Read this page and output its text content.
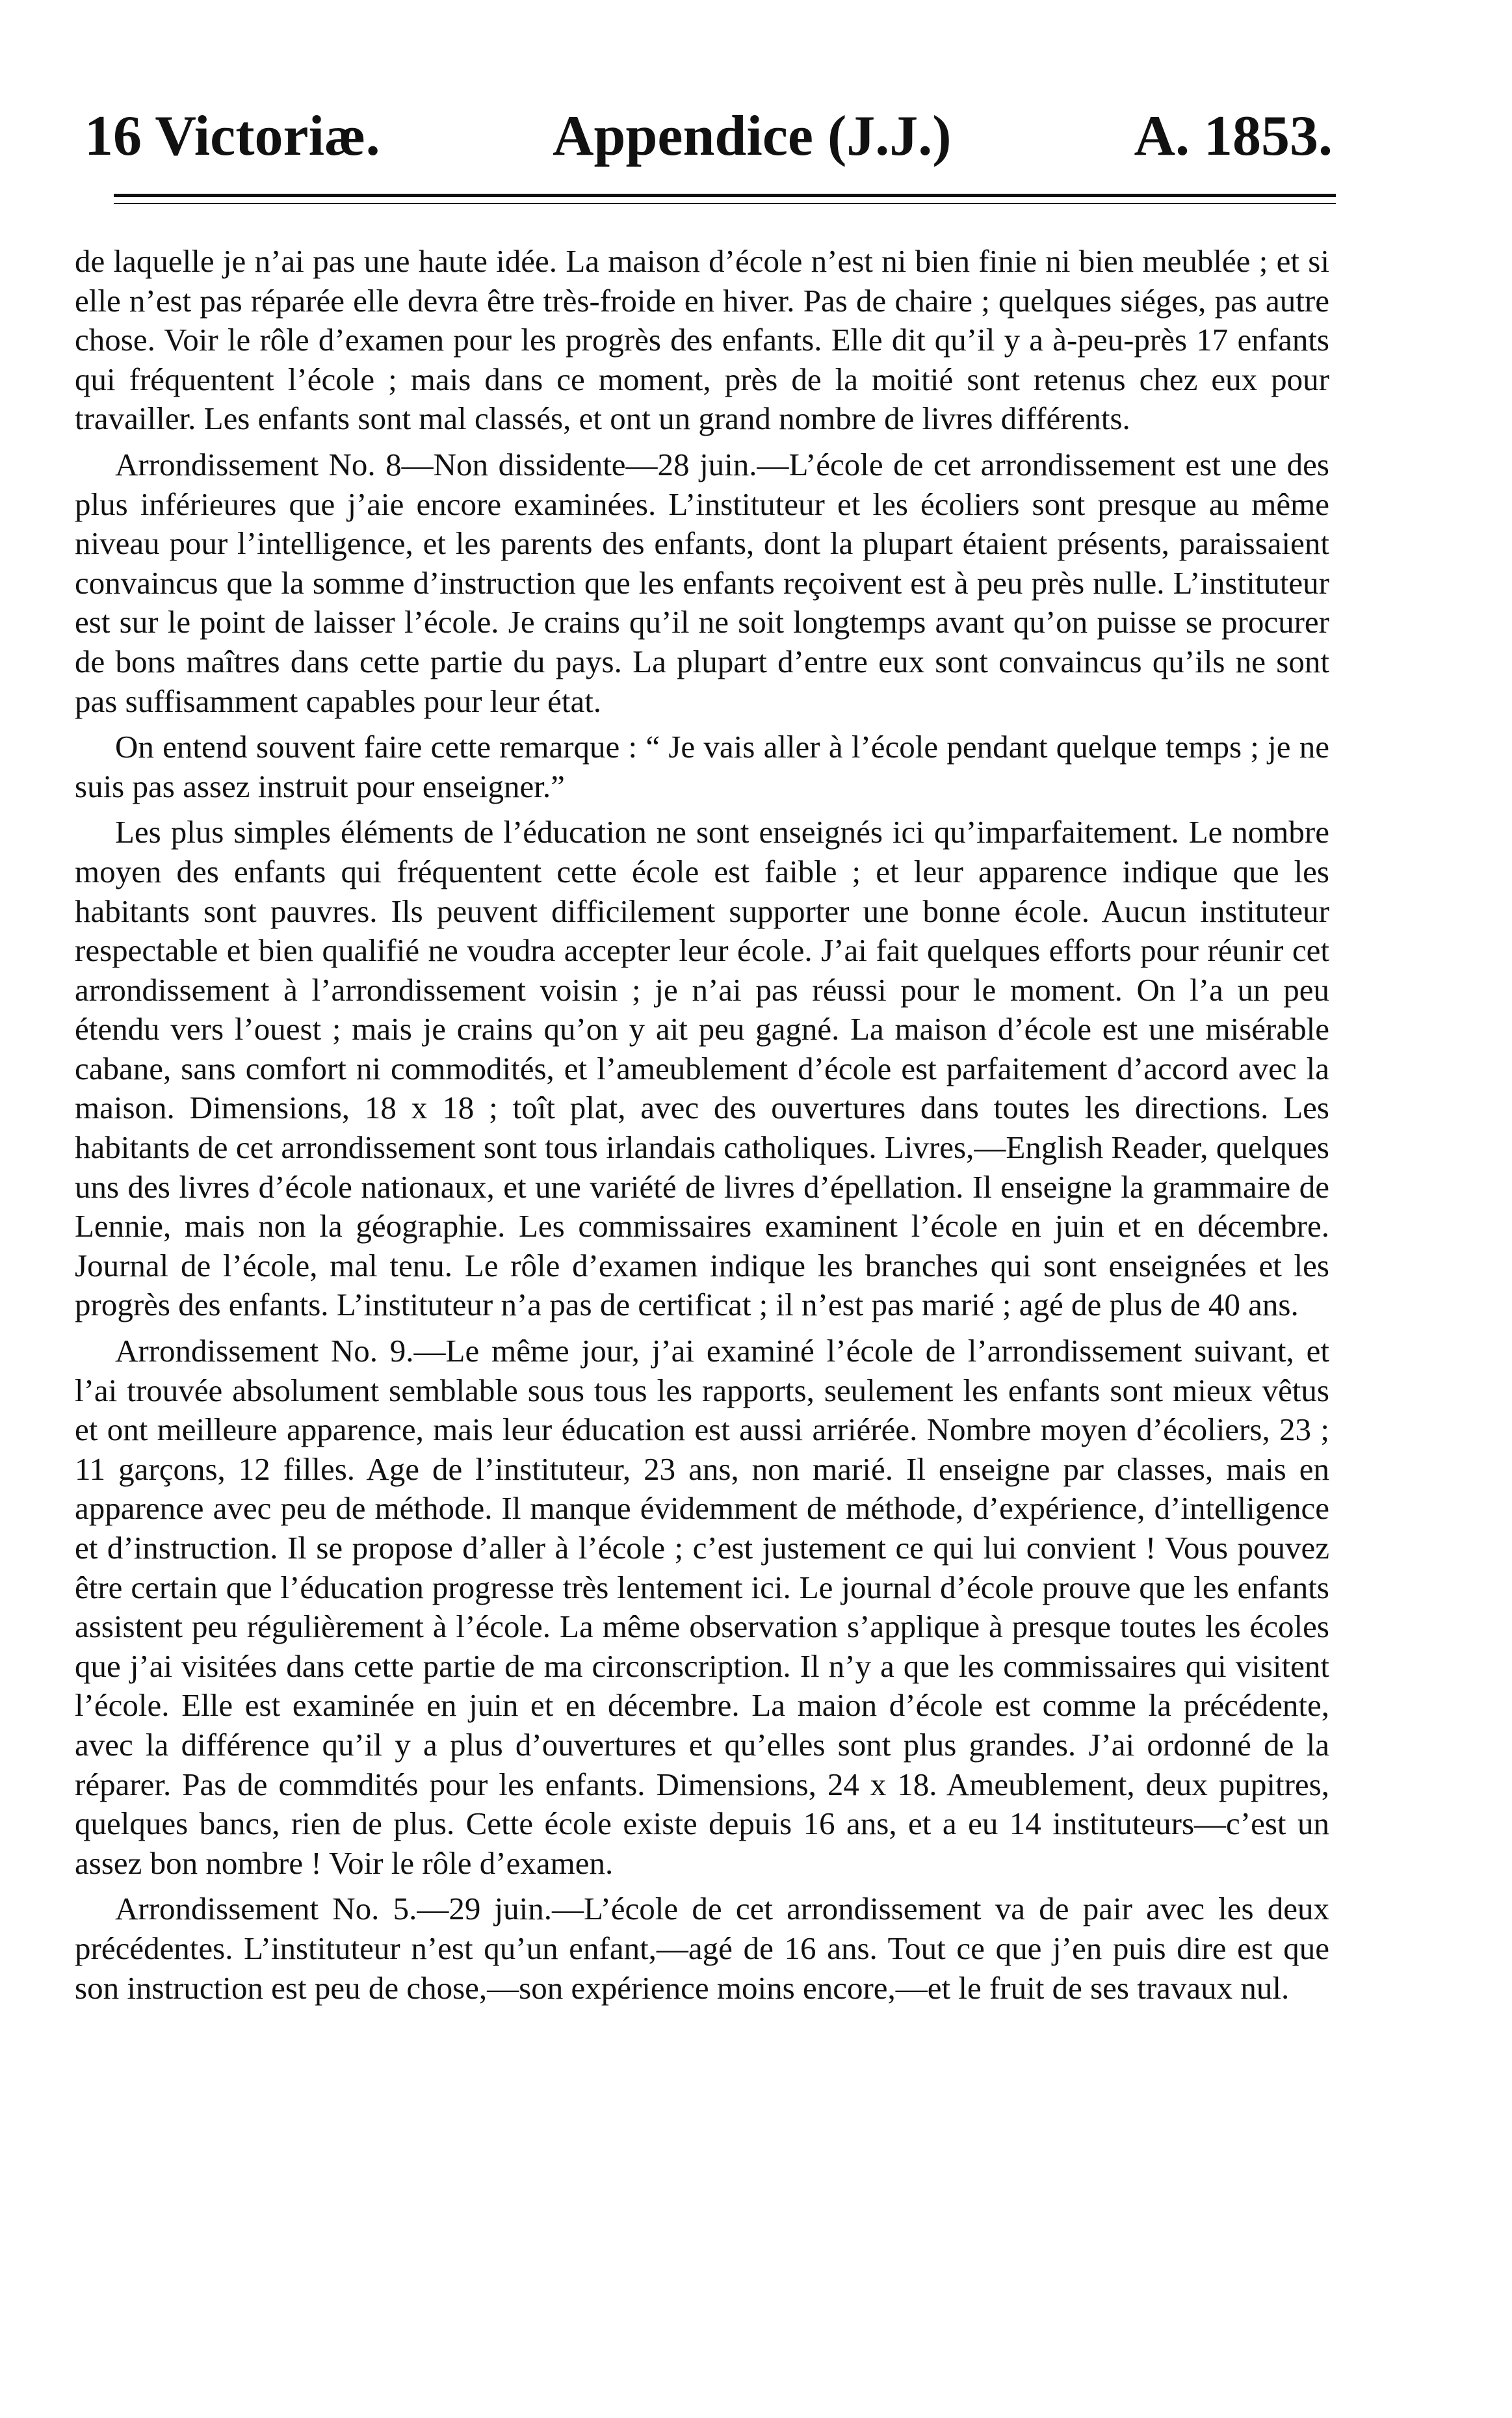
16 Victoriæ.	Appendice (J.J.)	A. 1853.

de laquelle je n’ai pas une haute idée. La maison d’école n’est ni bien finie ni bien meublée ; et si elle n’est pas réparée elle devra être très-froide en hiver. Pas de chaire ; quelques siéges, pas autre chose. Voir le rôle d’examen pour les progrès des enfants. Elle dit qu’il y a à-peu-près 17 enfants qui fréquentent l’école ; mais dans ce moment, près de la moitié sont retenus chez eux pour travailler. Les enfants sont mal classés, et ont un grand nombre de livres différents.

Arrondissement No. 8—Non dissidente—28 juin.—L’école de cet arrondissement est une des plus inférieures que j’aie encore examinées. L’instituteur et les écoliers sont presque au même niveau pour l’intelligence, et les parents des enfants, dont la plupart étaient présents, paraissaient convaincus que la somme d’instruction que les enfants reçoivent est à peu près nulle. L’instituteur est sur le point de laisser l’école. Je crains qu’il ne soit longtemps avant qu’on puisse se procurer de bons maîtres dans cette partie du pays. La plupart d’entre eux sont convaincus qu’ils ne sont pas suffisamment capables pour leur état.

On entend souvent faire cette remarque : “ Je vais aller à l’école pendant quelque temps ; je ne suis pas assez instruit pour enseigner.”

Les plus simples éléments de l’éducation ne sont enseignés ici qu’imparfaitement. Le nombre moyen des enfants qui fréquentent cette école est faible ; et leur apparence indique que les habitants sont pauvres. Ils peuvent difficilement supporter une bonne école. Aucun instituteur respectable et bien qualifié ne voudra accepter leur école. J’ai fait quelques efforts pour réunir cet arrondissement à l’arrondissement voisin ; je n’ai pas réussi pour le moment. On l’a un peu étendu vers l’ouest ; mais je crains qu’on y ait peu gagné. La maison d’école est une misérable cabane, sans comfort ni commodités, et l’ameublement d’école est parfaitement d’accord avec la maison. Dimensions, 18 x 18 ; toît plat, avec des ouvertures dans toutes les directions. Les habitants de cet arrondissement sont tous irlandais catholiques. Livres,—English Reader, quelques uns des livres d’école nationaux, et une variété de livres d’épellation. Il enseigne la grammaire de Lennie, mais non la géographie. Les commissaires examinent l’école en juin et en décembre. Journal de l’école, mal tenu. Le rôle d’examen indique les branches qui sont enseignées et les progrès des enfants. L’instituteur n’a pas de certificat ; il n’est pas marié ; agé de plus de 40 ans.

Arrondissement No. 9.—Le même jour, j’ai examiné l’école de l’arrondissement suivant, et l’ai trouvée absolument semblable sous tous les rapports, seulement les enfants sont mieux vêtus et ont meilleure apparence, mais leur éducation est aussi arriérée. Nombre moyen d’écoliers, 23 ; 11 garçons, 12 filles. Age de l’instituteur, 23 ans, non marié. Il enseigne par classes, mais en apparence avec peu de méthode. Il manque évidemment de méthode, d’expérience, d’intelligence et d’instruction. Il se propose d’aller à l’école ; c’est justement ce qui lui convient ! Vous pouvez être certain que l’éducation progresse très lentement ici. Le journal d’école prouve que les enfants assistent peu régulièrement à l’école. La même observation s’applique à presque toutes les écoles que j’ai visitées dans cette partie de ma circonscription. Il n’y a que les commissaires qui visitent l’école. Elle est examinée en juin et en décembre. La maion d’école est comme la précédente, avec la différence qu’il y a plus d’ouvertures et qu’elles sont plus grandes. J’ai ordonné de la réparer. Pas de commdités pour les enfants. Dimensions, 24 x 18. Ameublement, deux pupitres, quelques bancs, rien de plus. Cette école existe depuis 16 ans, et a eu 14 instituteurs—c’est un assez bon nombre ! Voir le rôle d’examen.

Arrondissement No. 5.—29 juin.—L’école de cet arrondissement va de pair avec les deux précédentes. L’instituteur n’est qu’un enfant,—agé de 16 ans. Tout ce que j’en puis dire est que son instruction est peu de chose,—son expérience moins encore,—et le fruit de ses travaux nul.
